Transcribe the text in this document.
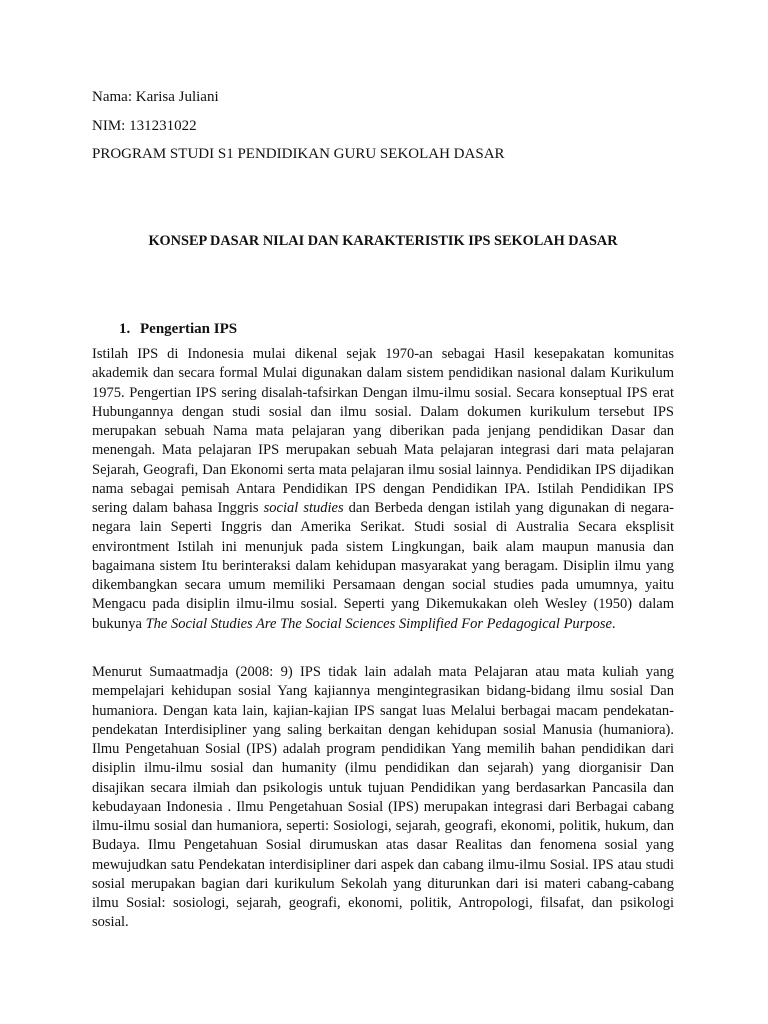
Nama: Karisa Juliani
NIM: 131231022
PROGRAM STUDI S1 PENDIDIKAN GURU SEKOLAH DASAR
KONSEP DASAR NILAI DAN KARAKTERISTIK IPS SEKOLAH DASAR
1. Pengertian IPS

Istilah IPS di Indonesia mulai dikenal sejak 1970-an sebagai Hasil kesepakatan komunitas akademik dan secara formal Mulai digunakan dalam sistem pendidikan nasional dalam Kurikulum 1975. Pengertian IPS sering disalah-tafsirkan Dengan ilmu-ilmu sosial. Secara konseptual IPS erat Hubungannya dengan studi sosial dan ilmu sosial. Dalam dokumen kurikulum tersebut IPS merupakan sebuah Nama mata pelajaran yang diberikan pada jenjang pendidikan Dasar dan menengah. Mata pelajaran IPS merupakan sebuah Mata pelajaran integrasi dari mata pelajaran Sejarah, Geografi, Dan Ekonomi serta mata pelajaran ilmu sosial lainnya. Pendidikan IPS dijadikan nama sebagai pemisah Antara Pendidikan IPS dengan Pendidikan IPA. Istilah Pendidikan IPS sering dalam bahasa Inggris social studies dan Berbeda dengan istilah yang digunakan di negara-negara lain Seperti Inggris dan Amerika Serikat. Studi sosial di Australia Secara eksplisit environtment Istilah ini menunjuk pada sistem Lingkungan, baik alam maupun manusia dan bagaimana sistem Itu berinteraksi dalam kehidupan masyarakat yang beragam. Disiplin ilmu yang dikembangkan secara umum memiliki Persamaan dengan social studies pada umumnya, yaitu Mengacu pada disiplin ilmu-ilmu sosial. Seperti yang Dikemukakan oleh Wesley (1950) dalam bukunya The Social Studies Are The Social Sciences Simplified For Pedagogical Purpose.

Menurut Sumaatmadja (2008: 9) IPS tidak lain adalah mata Pelajaran atau mata kuliah yang mempelajari kehidupan sosial Yang kajiannya mengintegrasikan bidang-bidang ilmu sosial Dan humaniora. Dengan kata lain, kajian-kajian IPS sangat luas Melalui berbagai macam pendekatan-pendekatan Interdisipliner yang saling berkaitan dengan kehidupan sosial Manusia (humaniora). Ilmu Pengetahuan Sosial (IPS) adalah program pendidikan Yang memilih bahan pendidikan dari disiplin ilmu-ilmu sosial dan humanity (ilmu pendidikan dan sejarah) yang diorganisir Dan disajikan secara ilmiah dan psikologis untuk tujuan Pendidikan yang berdasarkan Pancasila dan kebudayaan Indonesia . Ilmu Pengetahuan Sosial (IPS) merupakan integrasi dari Berbagai cabang ilmu-ilmu sosial dan humaniora, seperti: Sosiologi, sejarah, geografi, ekonomi, politik, hukum, dan Budaya. Ilmu Pengetahuan Sosial dirumuskan atas dasar Realitas dan fenomena sosial yang mewujudkan satu Pendekatan interdisipliner dari aspek dan cabang ilmu-ilmu Sosial. IPS atau studi sosial merupakan bagian dari kurikulum Sekolah yang diturunkan dari isi materi cabang-cabang ilmu Sosial: sosiologi, sejarah, geografi, ekonomi, politik, Antropologi, filsafat, dan psikologi sosial.
